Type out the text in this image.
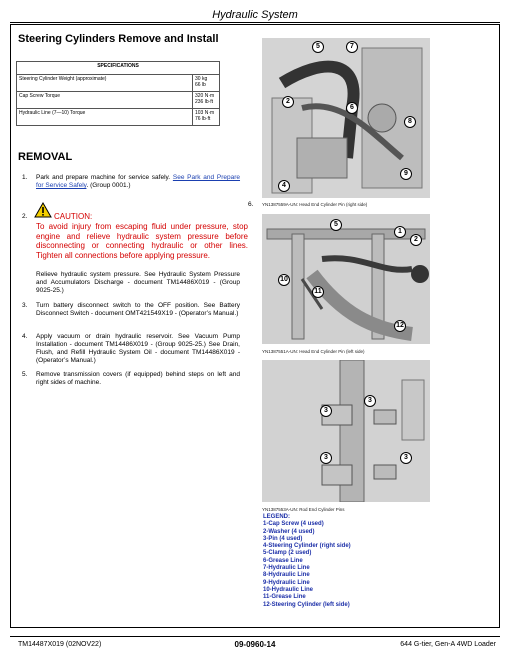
Hydraulic System
Steering Cylinders Remove and Install
SPECIFICATIONS	
Steering Cylinder Weight (approximate)	30 kg
66 lb
Cap Screw Torque	320 N·m
236 lb·ft
Hydraulic Line (7—10) Torque	103 N·m
76 lb·ft
REMOVAL
1. Park and prepare machine for service safely. See Park and Prepare for Service Safely. (Group 0001.)
2.	CAUTION:
To avoid injury from escaping fluid under pressure, stop engine and relieve hydraulic system pressure before disconnecting or connecting hydraulic or other lines. Tighten all connections before applying pressure.
Relieve hydraulic system pressure. See Hydraulic System Pressure and Accumulators Discharge - document TM14486X019 - (Group 9025-25.)
3. Turn battery disconnect switch to the OFF position. See Battery Disconnect Switch - document OMT421549X19 - (Operator’s Manual.)
4. Apply vacuum or drain hydraulic reservoir. See Vacuum Pump Installation - document TM14486X019 - (Group 9025-25.) See Drain, Flush, and Refill Hydraulic System Oil - document TM14486X019 - (Operator’s Manual.)
5. Remove transmission covers (if equipped) behind steps on left and right sides of machine.
6.
5	7
2
6
8
9
4
YN1387559A-UN: Head End Cylinder Pin (right side)
5
1
2
10
11
12
YN1387551A-UN: Head End Cylinder Pin (left side)
3
3
3	3
YN1387553A-UN: Rod End Cylinder Pins
LEGEND:
1-Cap Screw (4 used)
2-Washer (4 used)
3-Pin (4 used)
4-Steering Cylinder (right side)
5-Clamp (2 used)
6-Grease Line
7-Hydraulic Line
8-Hydraulic Line
9-Hydraulic Line
10-Hydraulic Line
11-Grease Line
12-Steering Cylinder (left side)
TM14487X019 (02NOV22)	09-0960-14	644 G-tier, Gen-A 4WD Loader
